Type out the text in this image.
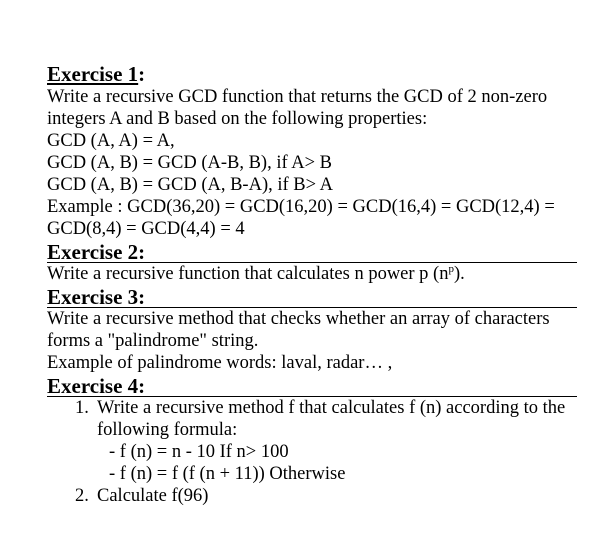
Exercise 1:
Write a recursive GCD function that returns the GCD of 2 non-zero
integers A and B based on the following properties:
GCD (A, A) = A,
GCD (A, B) = GCD (A-B, B), if A> B
GCD (A, B) = GCD (A, B-A), if B> A
Example : GCD(36,20) = GCD(16,20) = GCD(16,4) = GCD(12,4) =
GCD(8,4) = GCD(4,4) = 4
Exercise 2:
Write a recursive function that calculates n power p $(n^p)$.
Exercise 3:
Write a recursive method that checks whether an array of characters
forms a "palindrome" string.
Example of palindrome words: laval, radar… ,
Exercise 4:
1. Write a recursive method f that calculates f (n) according to the
following formula:
- f (n) = n - 10 If n> 100
- f (n) = f (f (n + 11)) Otherwise
2. Calculate f(96)
